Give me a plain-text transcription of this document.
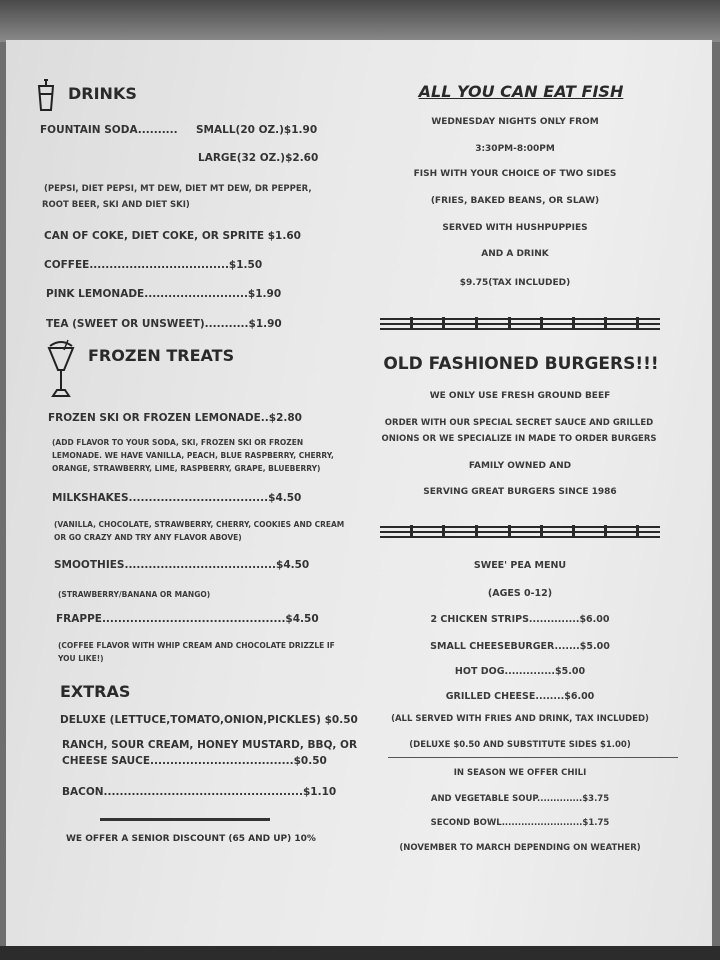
DRINKS
FOUNTAIN SODA.......... SMALL(20 OZ.)$1.90
LARGE(32 OZ.)$2.60
(PEPSI, DIET PEPSI, MT DEW, DIET MT DEW, DR PEPPER,
ROOT BEER, SKI AND DIET SKI)
CAN OF COKE, DIET COKE, OR SPRITE $1.60
COFFEE...................................$1.50
PINK LEMONADE..........................$1.90
TEA (SWEET OR UNSWEET)...........$1.90
FROZEN TREATS
FROZEN SKI OR FROZEN LEMONADE..$2.80
(ADD FLAVOR TO YOUR SODA, SKI, FROZEN SKI OR FROZEN
LEMONADE. WE HAVE VANILLA, PEACH, BLUE RASPBERRY, CHERRY,
ORANGE, STRAWBERRY, LIME, RASPBERRY, GRAPE, BLUEBERRY)
MILKSHAKES...................................$4.50
(VANILLA, CHOCOLATE, STRAWBERRY, CHERRY, COOKIES AND CREAM
OR GO CRAZY AND TRY ANY FLAVOR ABOVE)
SMOOTHIES......................................$4.50
(STRAWBERRY/BANANA OR MANGO)
FRAPPE..............................................$4.50
(COFFEE FLAVOR WITH WHIP CREAM AND CHOCOLATE DRIZZLE IF
YOU LIKE!)
EXTRAS
DELUXE (LETTUCE,TOMATO,ONION,PICKLES) $0.50
RANCH, SOUR CREAM, HONEY MUSTARD, BBQ, OR
CHEESE SAUCE....................................$0.50
BACON..................................................$1.10
WE OFFER A SENIOR DISCOUNT (65 AND UP) 10%
ALL YOU CAN EAT FISH
WEDNESDAY NIGHTS ONLY FROM
3:30PM-8:00PM
FISH WITH YOUR CHOICE OF TWO SIDES
(FRIES, BAKED BEANS, OR SLAW)
SERVED WITH HUSHPUPPIES
AND A DRINK
$9.75(TAX INCLUDED)
OLD FASHIONED BURGERS!!!
WE ONLY USE FRESH GROUND BEEF
ORDER WITH OUR SPECIAL SECRET SAUCE AND GRILLED
ONIONS OR WE SPECIALIZE IN MADE TO ORDER BURGERS
FAMILY OWNED AND
SERVING GREAT BURGERS SINCE 1986
SWEE' PEA MENU
(AGES 0-12)
2 CHICKEN STRIPS..............$6.00
SMALL CHEESEBURGER.......$5.00
HOT DOG..............$5.00
GRILLED CHEESE........$6.00
(ALL SERVED WITH FRIES AND DRINK, TAX INCLUDED)
(DELUXE $0.50 AND SUBSTITUTE SIDES $1.00)
IN SEASON WE OFFER CHILI
AND VEGETABLE SOUP..............$3.75
SECOND BOWL.........................$1.75
(NOVEMBER TO MARCH DEPENDING ON WEATHER)
